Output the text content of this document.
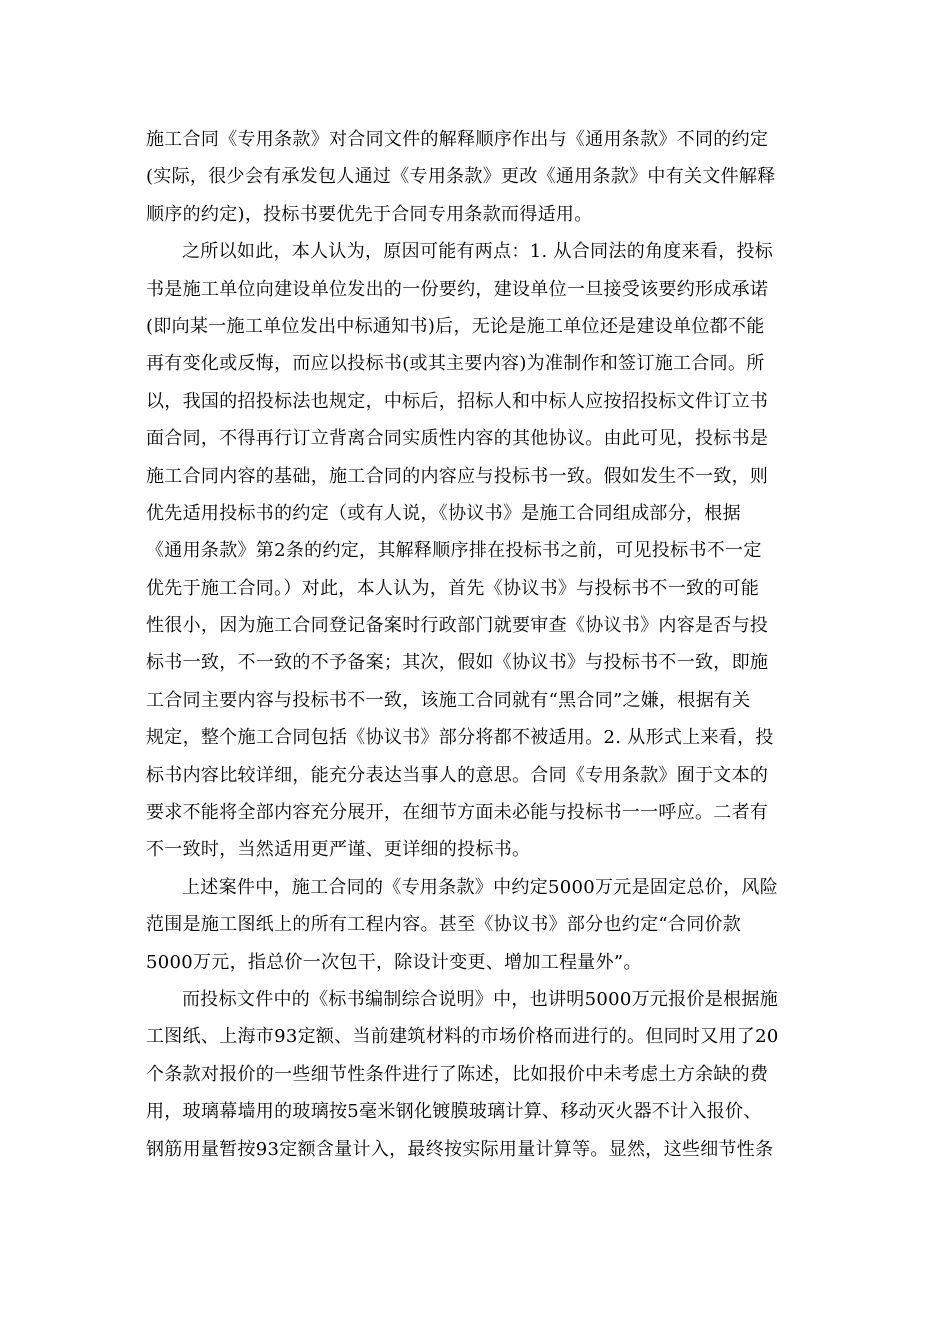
施工合同《专用条款》对合同文件的解释顺序作出与《通用条款》不同的约定
(实际，很少会有承发包人通过《专用条款》更改《通用条款》中有关文件解释
顺序的约定)，投标书要优先于合同专用条款而得适用。
之所以如此，本人认为，原因可能有两点：1. 从合同法的角度来看，投标
书是施工单位向建设单位发出的一份要约，建设单位一旦接受该要约形成承诺
(即向某一施工单位发出中标通知书)后，无论是施工单位还是建设单位都不能
再有变化或反悔，而应以投标书(或其主要内容)为准制作和签订施工合同。所
以，我国的招投标法也规定，中标后，招标人和中标人应按招投标文件订立书
面合同，不得再行订立背离合同实质性内容的其他协议。由此可见，投标书是
施工合同内容的基础，施工合同的内容应与投标书一致。假如发生不一致，则
优先适用投标书的约定（或有人说，《协议书》是施工合同组成部分，根据
《通用条款》第2条的约定，其解释顺序排在投标书之前，可见投标书不一定
优先于施工合同。）对此，本人认为，首先《协议书》与投标书不一致的可能
性很小，因为施工合同登记备案时行政部门就要审查《协议书》内容是否与投
标书一致，不一致的不予备案；其次，假如《协议书》与投标书不一致，即施
工合同主要内容与投标书不一致，该施工合同就有“黑合同”之嫌，根据有关
规定，整个施工合同包括《协议书》部分将都不被适用。2. 从形式上来看，投
标书内容比较详细，能充分表达当事人的意思。合同《专用条款》囿于文本的
要求不能将全部内容充分展开，在细节方面未必能与投标书一一呼应。二者有
不一致时，当然适用更严谨、更详细的投标书。
上述案件中，施工合同的《专用条款》中约定5000万元是固定总价，风险
范围是施工图纸上的所有工程内容。甚至《协议书》部分也约定“合同价款
5000万元，指总价一次包干，除设计变更、增加工程量外”。
而投标文件中的《标书编制综合说明》中，也讲明5000万元报价是根据施
工图纸、上海市93定额、当前建筑材料的市场价格而进行的。但同时又用了20
个条款对报价的一些细节性条件进行了陈述，比如报价中未考虑土方余缺的费
用，玻璃幕墙用的玻璃按5毫米钢化镀膜玻璃计算、移动灭火器不计入报价、
钢筋用量暂按93定额含量计入，最终按实际用量计算等。显然，这些细节性条
